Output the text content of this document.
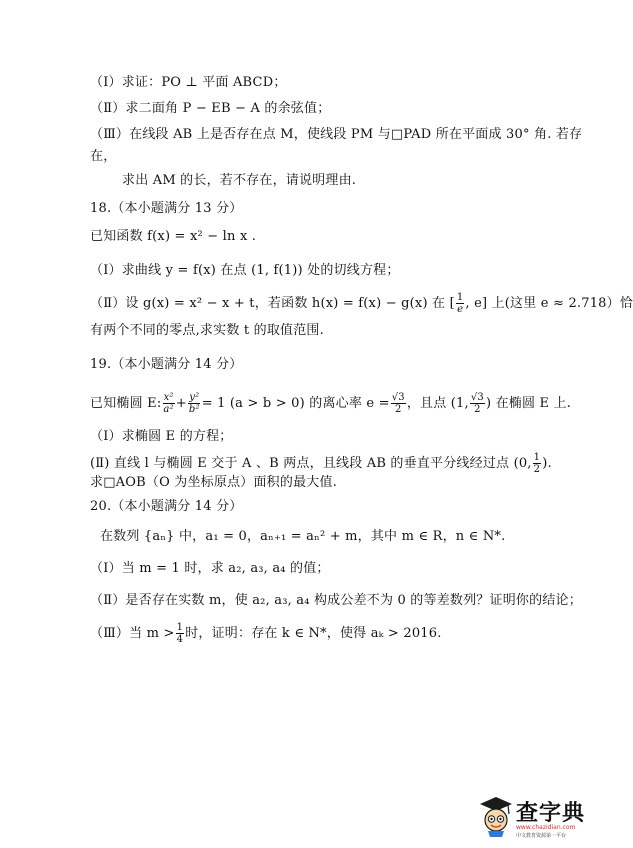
（Ⅰ）求证：PO ⊥ 平面 ABCD；
（Ⅱ）求二面角 P − EB − A 的余弦值；
（Ⅲ）在线段 AB 上是否存在点 M，使线段 PM 与□PAD 所在平面成 30° 角. 若存
在，
求出 AM 的长，若不存在，请说明理由.
18.（本小题满分 13 分）
已知函数 f(x) = x² − ln x .
（Ⅰ）求曲线 y = f(x) 在点 (1, f(1)) 处的切线方程；
（Ⅱ）设 g(x) = x² − x + t，若函数 h(x) = f(x) − g(x) 在 [ $\frac{1}{e}$ , e] 上(这里 e ≈ 2.718）恰
有两个不同的零点,求实数 t 的取值范围.
19.（本小题满分 14 分）
已知椭圆 E: $\frac{\text{x²}}{\text{a²}} + \frac{\text{y²}}{\text{b²}} = 1$ (a > b > 0) 的离心率 $e = \frac{√3}{2}$ ，且点 (1, $\frac{√3}{2}$ ) 在椭圆 E 上.
（Ⅰ）求椭圆 E 的方程；
(Ⅱ) 直线 l 与椭圆 E 交于 A 、B 两点，且线段 AB 的垂直平分线经过点 (0, $\frac{1}{2}$ ).
求□AOB（O 为坐标原点）面积的最大值.
20.（本小题满分 14 分）
在数列 {aₙ} 中，a₁ = 0，aₙ₊₁ = aₙ² + m，其中 m ∈ R，n ∈ N*.
（Ⅰ）当 m = 1 时，求 a₂, a₃, a₄ 的值；
（Ⅱ）是否存在实数 m，使 a₂, a₃, a₄ 构成公差不为 0 的等差数列？证明你的结论；
（Ⅲ）当 $m > \frac{1}{4}$ 时，证明：存在 k ∈ N*，使得 aₖ > 2016.
查字典
www.chazidian.com
中文教育资源第一平台
